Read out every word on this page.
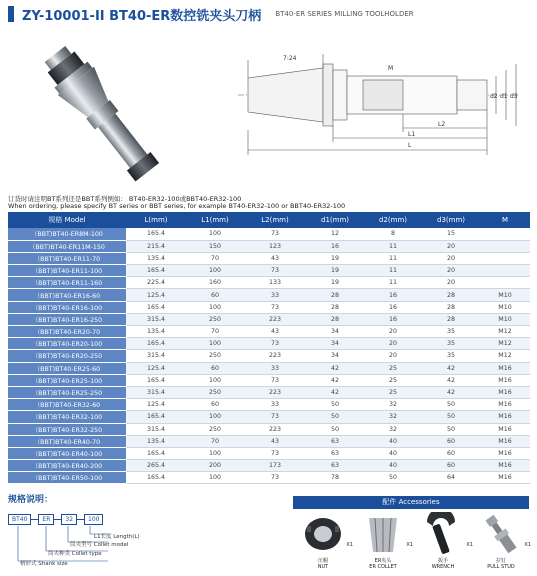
ZY-10001-II BT40-ER数控铣夹头刀柄 BT40-ER SERIES MILLING TOOLHOLDER
7:24
L
L1
L2
d2 d1 d3
M
订货时请注明BT系列还是BBT系列例如： BT40-ER32-100或BBT40-ER32-100
When ordering, please specify BT series or BBT series, for example BT40-ER32-100 or BBT40-ER32-100
规格 Model	L(mm)	L1(mm)	L2(mm)	d1(mm)	d2(mm)	d3(mm)	M
（BBT)BT40-ER8M-100	165.4	100	73	12	8	15	
（BBT)BT40-ER11M-150	215.4	150	123	16	11	20	
（BBT)BT40-ER11-70	135.4	70	43	19	11	20	
（BBT)BT40-ER11-100	165.4	100	73	19	11	20	
（BBT)BT40-ER11-160	225.4	160	133	19	11	20	
（BBT)BT40-ER16-60	125.4	60	33	28	16	28	M10
（BBT)BT40-ER16-100	165.4	100	73	28	16	28	M10
（BBT)BT40-ER16-250	315.4	250	223	28	16	28	M10
（BBT)BT40-ER20-70	135.4	70	43	34	20	35	M12
（BBT)BT40-ER20-100	165.4	100	73	34	20	35	M12
（BBT)BT40-ER20-250	315.4	250	223	34	20	35	M12
（BBT)BT40-ER25-60	125.4	60	33	42	25	42	M16
（BBT)BT40-ER25-100	165.4	100	73	42	25	42	M16
（BBT)BT40-ER25-250	315.4	250	223	42	25	42	M16
（BBT)BT40-ER32-60	125.4	60	33	50	32	50	M16
（BBT)BT40-ER32-100	165.4	100	73	50	32	50	M16
（BBT)BT40-ER32-250	315.4	250	223	50	32	50	M16
（BBT)BT40-ER40-70	135.4	70	43	63	40	60	M16
（BBT)BT40-ER40-100	165.4	100	73	63	40	60	M16
（BBT)BT40-ER40-200	265.4	200	173	63	40	60	M16
（BBT)BT40-ER50-100	165.4	100	73	78	50	64	M16
规格说明：
BT40	ER	32	100
L1长度 Length(L)
筒夹型号 Collet model
筒夹种类 Collet type
柄形式 Shank size
配件 Accessories
X1
压帽
NUT
X1
ER夹头
ER COLLET
X1
扳手
WRENCH
X1
拉钉
PULL STUD
